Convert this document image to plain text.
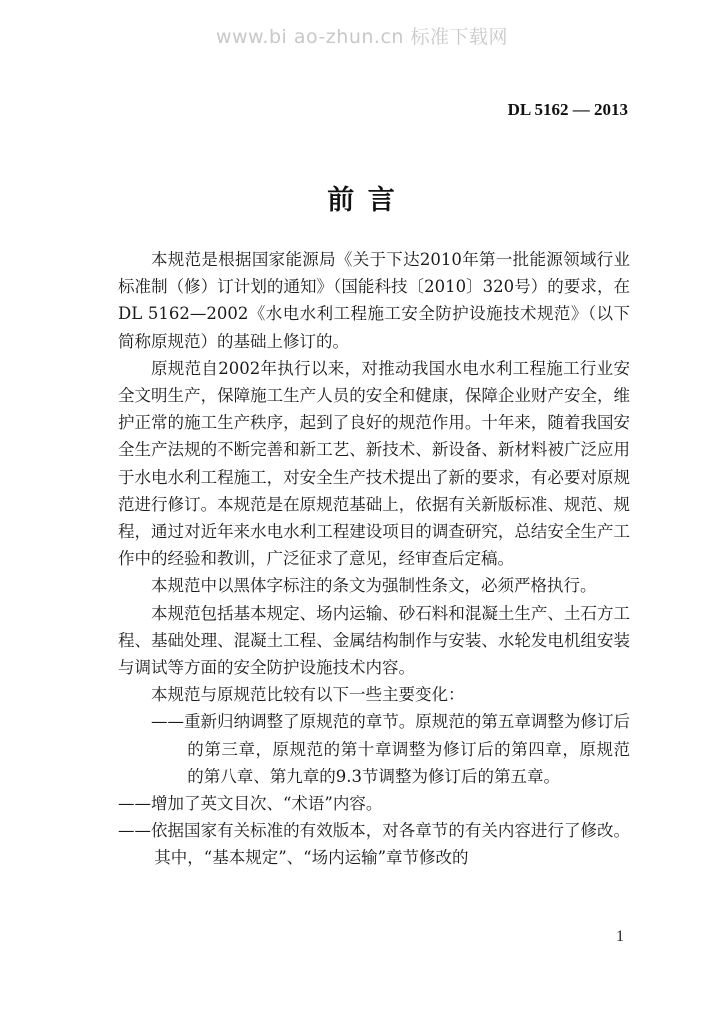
www.bi ao-zhun.cn 标准下载网
DL 5162 — 2013
前 言

本规范是根据国家能源局《关于下达2010年第一批能源领域行业标准制（修）订计划的通知》（国能科技〔2010〕320号）的要求，在DL 5162—2002《水电水利工程施工安全防护设施技术规范》（以下简称原规范）的基础上修订的。

原规范自2002年执行以来，对推动我国水电水利工程施工行业安全文明生产，保障施工生产人员的安全和健康，保障企业财产安全，维护正常的施工生产秩序，起到了良好的规范作用。十年来，随着我国安全生产法规的不断完善和新工艺、新技术、新设备、新材料被广泛应用于水电水利工程施工，对安全生产技术提出了新的要求，有必要对原规范进行修订。本规范是在原规范基础上，依据有关新版标准、规范、规程，通过对近年来水电水利工程建设项目的调查研究，总结安全生产工作中的经验和教训，广泛征求了意见，经审查后定稿。

本规范中以黑体字标注的条文为强制性条文，必须严格执行。

本规范包括基本规定、场内运输、砂石料和混凝土生产、土石方工程、基础处理、混凝土工程、金属结构制作与安装、水轮发电机组安装与调试等方面的安全防护设施技术内容。

本规范与原规范比较有以下一些主要变化：

——重新归纳调整了原规范的章节。原规范的第五章调整为修订后的第三章，原规范的第十章调整为修订后的第四章，原规范的第八章、第九章的9.3节调整为修订后的第五章。
——增加了英文目次、“术语”内容。
——依据国家有关标准的有效版本，对各章节的有关内容进行了修改。其中，“基本规定”、“场内运输”章节修改的
1
